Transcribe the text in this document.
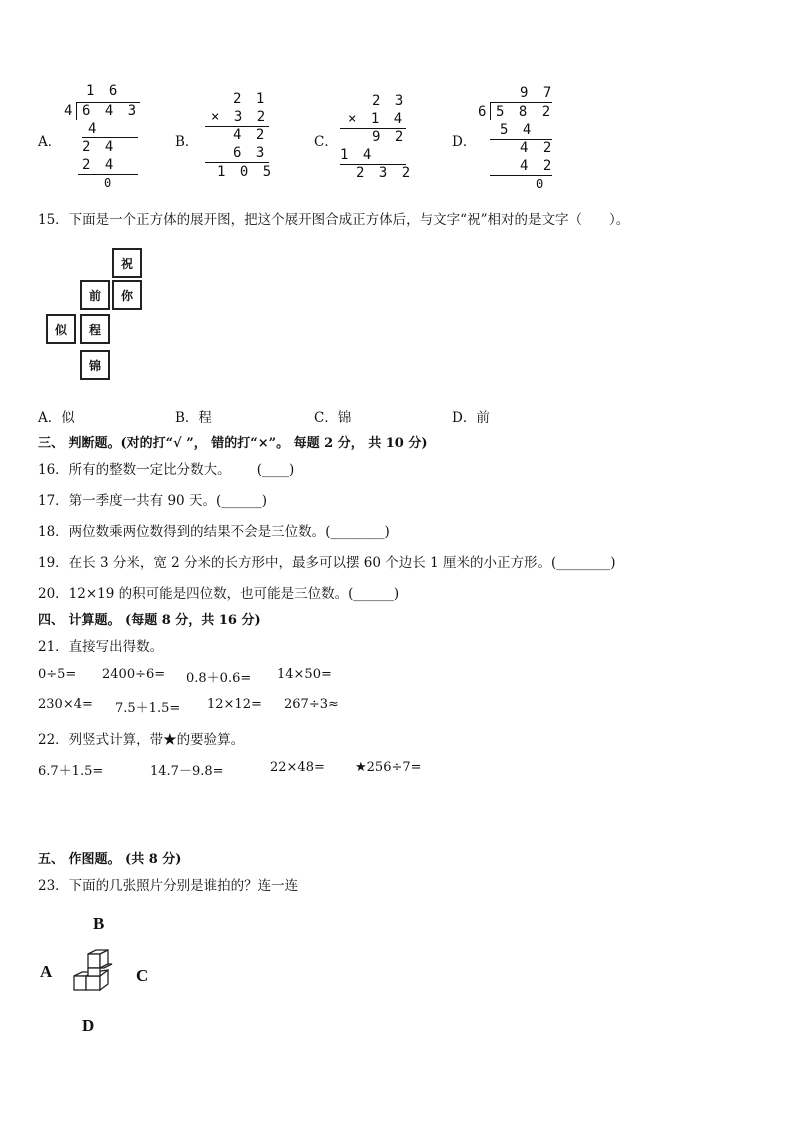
A．
1 6
4 6 4 3
4
2 4
2 4
0
B．
2 1
× 3 2
4 2
6 3
1 0 5
C．
2 3
× 1 4
9 2
1 4
2 3 2
D．
9 7
6 5 8 2
5 4
4 2
4 2
0
15．下面是一个正方体的展开图，把这个展开图合成正方体后，与文字“祝”相对的是文字（　　）。
祝
前	你
似	程
锦
A．似	B．程	C．锦	D．前
三、 判断题。(对的打“√ ”， 错的打“×”。 每题 2 分， 共 10 分)
16．所有的整数一定比分数大。 (____)
17．第一季度一共有 90 天。(______)
18．两位数乘两位数得到的结果不会是三位数。(________)
19．在长 3 分米，宽 2 分米的长方形中，最多可以摆 60 个边长 1 厘米的小正方形。(________)
20．12×19 的积可能是四位数，也可能是三位数。(______)
四、 计算题。 (每题 8 分，共 16 分)
21．直接写出得数。
0÷5= 2400÷6= 0.8＋0.6= 14×50=
230×4= 7.5＋1.5= 12×12= 267÷3≈
22．列竖式计算，带★的要验算。
6.7＋1.5=	14.7－9.8=	22×48= ★256÷7=
五、 作图题。 (共 8 分)
23．下面的几张照片分别是谁拍的？连一连
B
A	C
D
